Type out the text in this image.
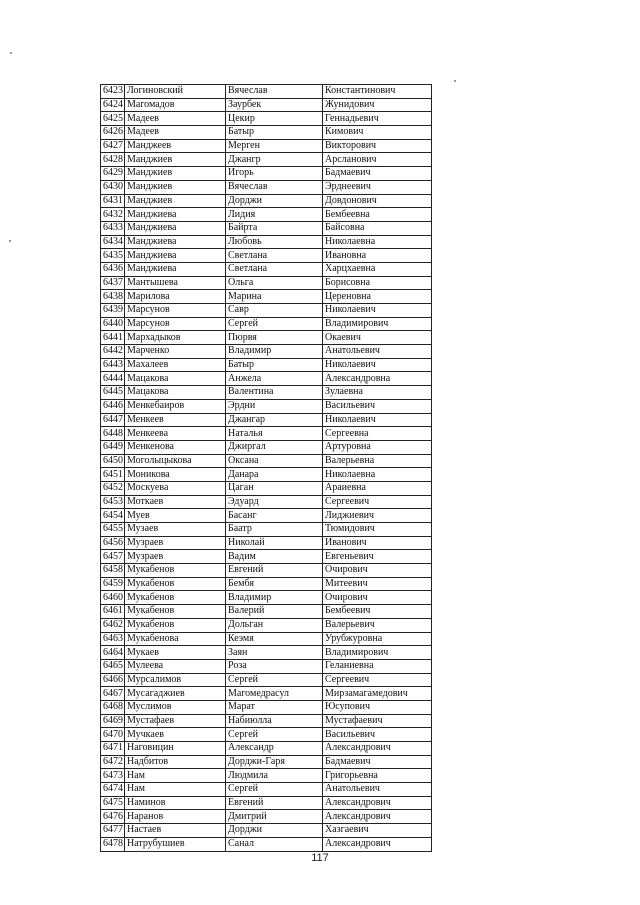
6423	Логиновский	Вячеслав	Константинович
6424	Магомадов	Заурбек	Жунидович
6425	Мадеев	Цекир	Геннадьевич
6426	Мадеев	Батыр	Кимович
6427	Манджеев	Мерген	Викторович
6428	Манджиев	Джангр	Арсланович
6429	Манджиев	Игорь	Бадмаевич
6430	Манджиев	Вячеслав	Эрднеевич
6431	Манджиев	Дорджи	Довдонович
6432	Манджиева	Лидия	Бембеевна
6433	Манджиева	Байрта	Байсовна
6434	Манджиева	Любовь	Николаевна
6435	Манджиева	Светлана	Ивановна
6436	Манджиева	Светлана	Харцхаевна
6437	Мантышева	Ольга	Борисовна
6438	Марилова	Марина	Цереновна
6439	Марсунов	Савр	Николаевич
6440	Марсунов	Сергей	Владимирович
6441	Мархадыков	Пюрвя	Окаевич
6442	Марченко	Владимир	Анатольевич
6443	Махалеев	Батыр	Николаевич
6444	Мацакова	Анжела	Александровна
6445	Мацакова	Валентина	Зулаевна
6446	Менкебаиров	Эрдни	Васильевич
6447	Менкеев	Джангар	Николаевич
6448	Менкеева	Наталья	Сергеевна
6449	Менкенова	Джиргал	Артуровна
6450	Моголыцыкова	Оксана	Валерьевна
6451	Моникова	Данара	Николаевна
6452	Москуева	Цаган	Араиевна
6453	Моткаев	Эдуард	Сергеевич
6454	Муев	Басанг	Лиджиевич
6455	Музаев	Баатр	Тюмидович
6456	Музраев	Николай	Иванович
6457	Музраев	Вадим	Евгеньевич
6458	Мукабенов	Евгений	Очирович
6459	Мукабенов	Бембя	Митеевич
6460	Мукабенов	Владимир	Очирович
6461	Мукабенов	Валерий	Бембеевич
6462	Мукабенов	Дольган	Валерьевич
6463	Мукабенова	Кеэмя	Урубжуровна
6464	Мукаев	Заян	Владимирович
6465	Мулеева	Роза	Геланиевна
6466	Мурсалимов	Сергей	Сергеевич
6467	Мусагаджиев	Магомедрасул	Мирзамагамедович
6468	Муслимов	Марат	Юсупович
6469	Мустафаев	Набиюлла	Мустафаевич
6470	Мучкаев	Сергей	Васильевич
6471	Наговицин	Александр	Александрович
6472	Надбитов	Дорджи-Гаря	Бадмаевич
6473	Нам	Людмила	Григорьевна
6474	Нам	Сергей	Анатольевич
6475	Наминов	Евгений	Александрович
6476	Наранов	Дмитрий	Александрович
6477	Настаев	Дорджи	Хазгаевич
6478	Натрубушиев	Санал	Александрович
117
